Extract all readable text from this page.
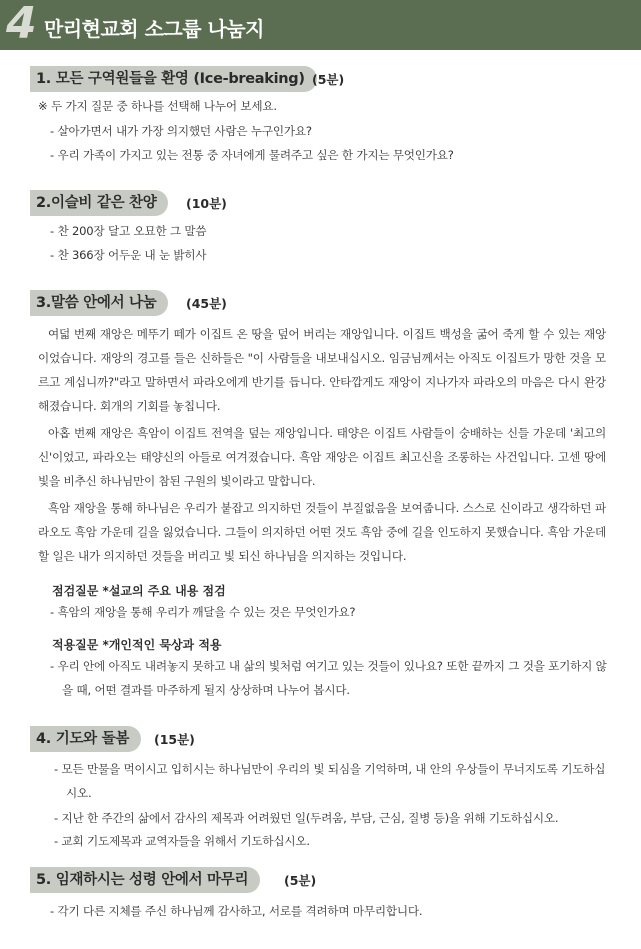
4 만리현교회 소그룹 나눔지
1. 모든 구역원들을 환영 (Ice-breaking) (5분)
※ 두 가지 질문 중 하나를 선택해 나누어 보세요.
- 살아가면서 내가 가장 의지했던 사람은 누구인가요?
- 우리 가족이 가지고 있는 전통 중 자녀에게 물려주고 싶은 한 가지는 무엇인가요?
2.이슬비 같은 찬양	(10분)
- 찬 200장 달고 오묘한 그 말씀
- 찬 366장 어두운 내 눈 밝히사
3.말씀 안에서 나눔	(45분)
여덟 번째 재앙은 메뚜기 떼가 이집트 온 땅을 덮어 버리는 재앙입니다. 이집트 백성을 굶어 죽게 할 수 있는 재앙이었습니다. 재앙의 경고를 들은 신하들은 "이 사람들을 내보내십시오. 임금님께서는 아직도 이집트가 망한 것을 모르고 계십니까?"라고 말하면서 파라오에게 반기를 듭니다. 안타깝게도 재앙이 지나가자 파라오의 마음은 다시 완강해졌습니다. 회개의 기회를 놓칩니다.
아홉 번째 재앙은 흑암이 이집트 전역을 덮는 재앙입니다. 태양은 이집트 사람들이 숭배하는 신들 가운데 '최고의 신'이었고, 파라오는 태양신의 아들로 여겨졌습니다. 흑암 재앙은 이집트 최고신을 조롱하는 사건입니다. 고센 땅에 빛을 비추신 하나님만이 참된 구원의 빛이라고 말합니다.
흑암 재앙을 통해 하나님은 우리가 붙잡고 의지하던 것들이 부질없음을 보여줍니다. 스스로 신이라고 생각하던 파라오도 흑암 가운데 길을 잃었습니다. 그들이 의지하던 어떤 것도 흑암 중에 길을 인도하지 못했습니다. 흑암 가운데 할 일은 내가 의지하던 것들을 버리고 빛 되신 하나님을 의지하는 것입니다.
점검질문 *설교의 주요 내용 점검
- 흑암의 재앙을 통해 우리가 깨달을 수 있는 것은 무엇인가요?
적용질문 *개인적인 묵상과 적용
- 우리 안에 아직도 내려놓지 못하고 내 삶의 빛처럼 여기고 있는 것들이 있나요? 또한 끝까지 그 것을 포기하지 않을 때, 어떤 결과를 마주하게 될지 상상하며 나누어 봅시다.
4. 기도와 돌봄	(15분)
- 모든 만물을 먹이시고 입히시는 하나님만이 우리의 빛 되심을 기억하며, 내 안의 우상들이 무너지도록 기도하십시오.
- 지난 한 주간의 삶에서 감사의 제목과 어려웠던 일(두려움, 부담, 근심, 질병 등)을 위해 기도하십시오.
- 교회 기도제목과 교역자들을 위해서 기도하십시오.
5. 임재하시는 성령 안에서 마무리	(5분)
- 각기 다른 지체를 주신 하나님께 감사하고, 서로를 격려하며 마무리합니다.
